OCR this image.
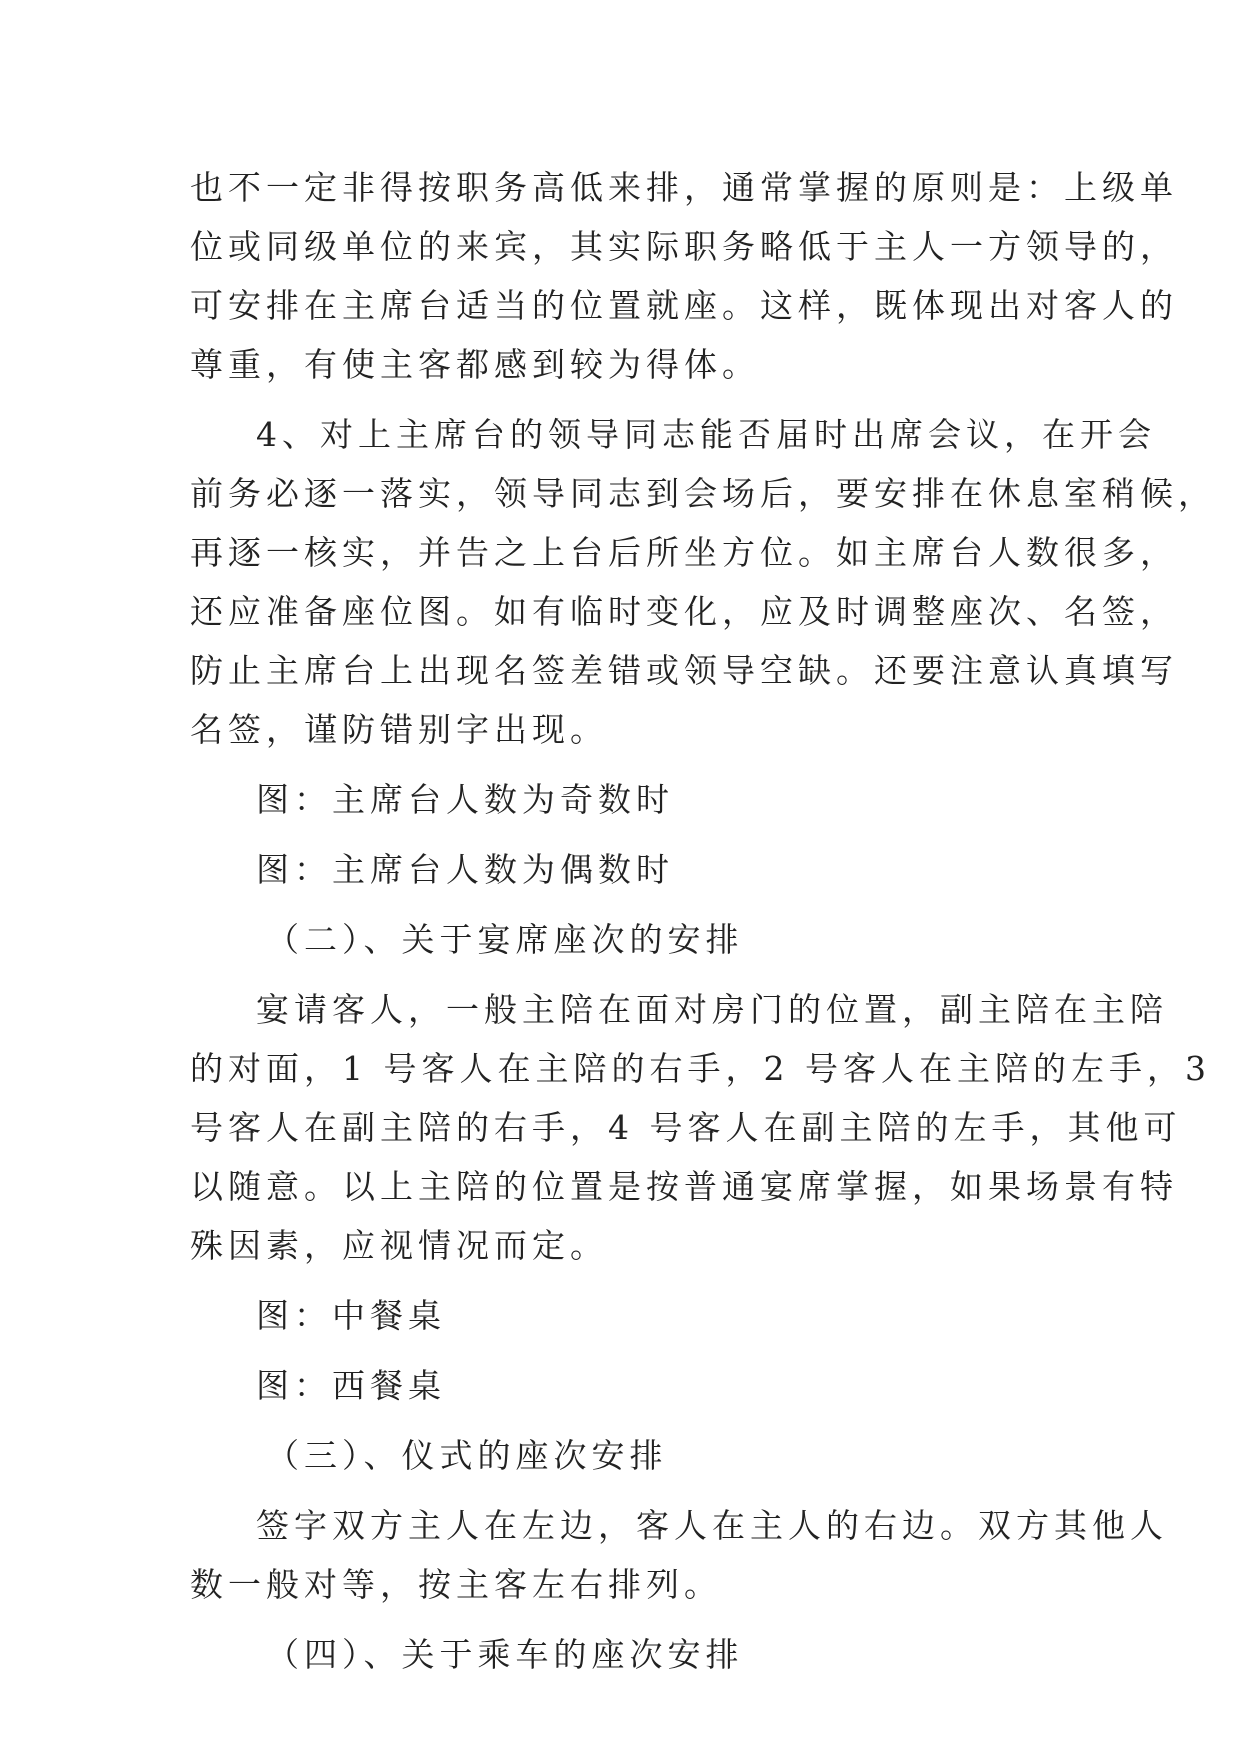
也不一定非得按职务高低来排，通常掌握的原则是：上级单
位或同级单位的来宾，其实际职务略低于主人一方领导的，
可安排在主席台适当的位置就座。这样，既体现出对客人的
尊重，有使主客都感到较为得体。
4、对上主席台的领导同志能否届时出席会议，在开会
前务必逐一落实，领导同志到会场后，要安排在休息室稍候，
再逐一核实，并告之上台后所坐方位。如主席台人数很多，
还应准备座位图。如有临时变化，应及时调整座次、名签，
防止主席台上出现名签差错或领导空缺。还要注意认真填写
名签，谨防错别字出现。
图：主席台人数为奇数时
图：主席台人数为偶数时
（二）、关于宴席座次的安排
宴请客人，一般主陪在面对房门的位置，副主陪在主陪
的对面，1 号客人在主陪的右手，2 号客人在主陪的左手，3
号客人在副主陪的右手，4 号客人在副主陪的左手，其他可
以随意。以上主陪的位置是按普通宴席掌握，如果场景有特
殊因素，应视情况而定。
图：中餐桌
图：西餐桌
（三）、仪式的座次安排
签字双方主人在左边，客人在主人的右边。双方其他人
数一般对等，按主客左右排列。
（四）、关于乘车的座次安排
